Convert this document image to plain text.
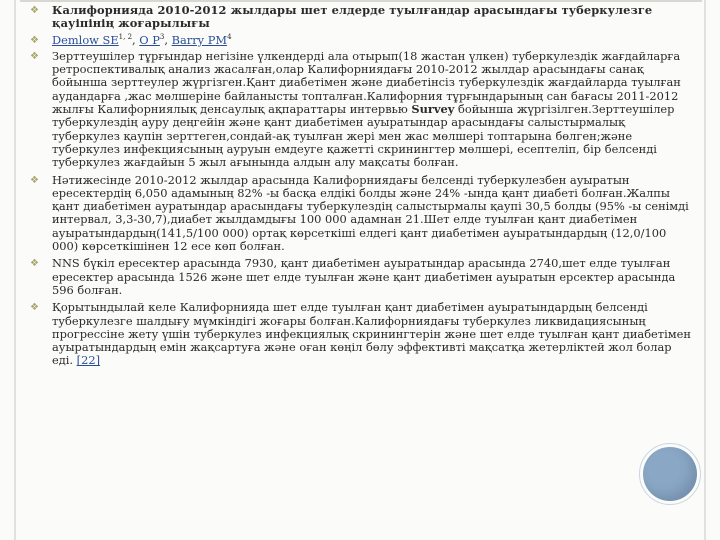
❖ Калифорнияда 2010-2012 жылдары шет елдерде туылғандар арасындағы туберкулезге қауіпінің жоғарылығы
❖ Demlow SE$^{1, 2}$, O $P^3$, Barry $PM^4$
❖ Зерттеушілер тұрғындар негізіне үлкендерді ала отырып(18 жастан үлкен) туберкулездік жағдайларға ретроспективалық анализ жасалған,олар Калифорниядағы 2010-2012 жылдар арасындағы санақ бойынша зерттеулер жүргізген.Қант диабетімен және диабетінсіз туберкулездік жағдайларда туылған аудандарға ,жас мөлшеріне байланысты топталған.Калифорния тұрғындарының сан бағасы 2011-2012 жылғы Калифорниялық денсаулық ақпараттары интервью Survey бойынша жүргізілген.Зерттеушілер туберкулездің ауру деңгейін және қант диабетімен ауыратындар арасындағы салыстырмалық туберкулез қаупін зерттеген,сондай-ақ туылған жері мен жас мөлшері топтарына бөлген;және туберкулез инфекциясының ауруын емдеуге қажетті скринингтер мөлшері, есептеліп, бір белсенді туберкулез жағдайын 5 жыл ағынында алдын алу мақсаты болған.
❖ Нәтижесінде 2010-2012 жылдар арасында Калифорниядағы белсенді туберкулезбен ауыратын ересектердің 6,050 адамының 82% -ы басқа елдікі болды және 24% -ында қант диабеті болған.Жалпы қант диабетімен ауратындар арасындағы туберкулездің салыстырмалы қаупі 30,5 болды (95% -ы сенімді интервал, 3,3-30,7),диабет жылдамдығы 100 000 адамнан 21.Шет елде туылған қант диабетімен ауыратындардың(141,5/100 000) ортақ көрсеткіші елдегі қант диабетімен ауыратындардың (12,0/100 000) көрсеткішінен 12 есе көп болған.
❖ NNS бүкіл ересектер арасында 7930, қант диабетімен ауыратындар арасында 2740,шет елде туылған ересектер арасында 1526 және шет елде туылған және қант диабетімен ауыратын ерсектер арасында 596 болған.
❖ Қорытындылай келе Калифорнияда шет елде туылған қант диабетімен ауыратындардың белсенді туберкулезге шалдығу мүмкіндігі жоғары болған.Калифорниядағы туберкулез ликвидациясының прогрессіне жету үшін туберкулез инфекциялық скринингтерін және шет елде туылған қант диабетімен ауыратындардың емін жақсартуға және оған көңіл бөлу эффективті мақсатқа жетерліктей жол болар еді. [22]
